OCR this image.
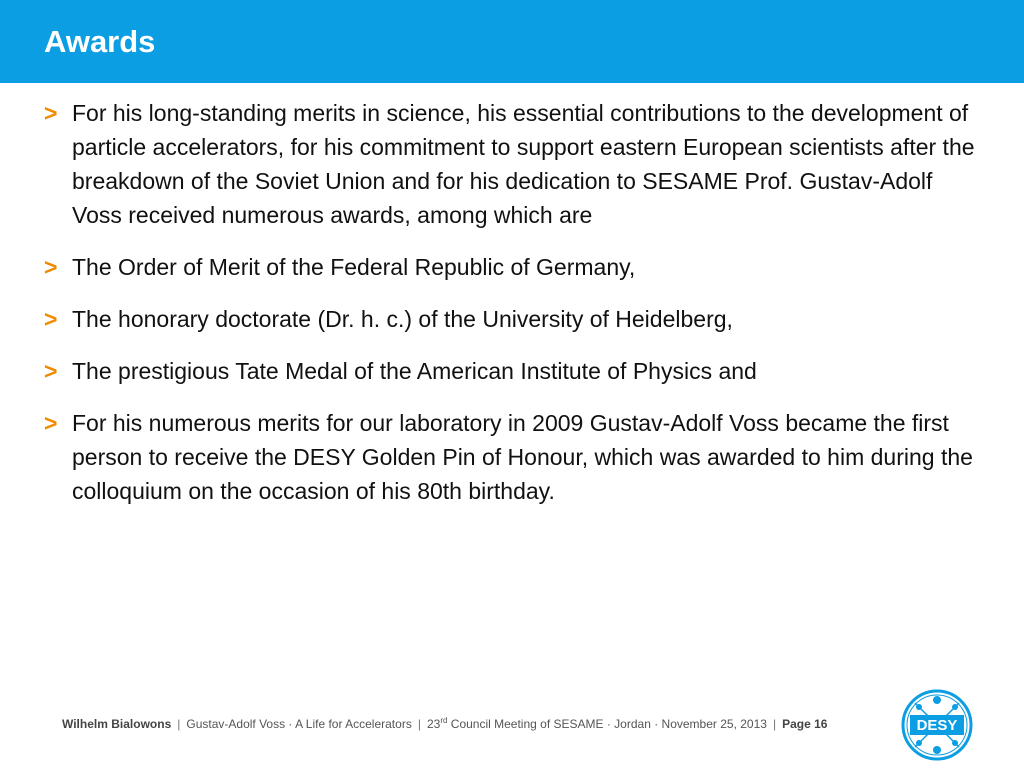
Awards
> For his long-standing merits in science, his essential contributions to the development of particle accelerators, for his commitment to support eastern European scientists after the breakdown of the Soviet Union and for his dedication to SESAME Prof. Gustav-Adolf Voss received numerous awards, among which are
> The Order of Merit of the Federal Republic of Germany,
> The honorary doctorate (Dr. h. c.) of the University of Heidelberg,
> The prestigious Tate Medal of the American Institute of Physics and
> For his numerous merits for our laboratory in 2009 Gustav-Adolf Voss became the first person to receive the DESY Golden Pin of Honour, which was awarded to him during the colloquium on the occasion of his 80th birthday.
Wilhelm Bialowons | Gustav-Adolf Voss · A Life for Accelerators | 23rd Council Meeting of SESAME · Jordan · November 25, 2013 | Page 16	DESY
